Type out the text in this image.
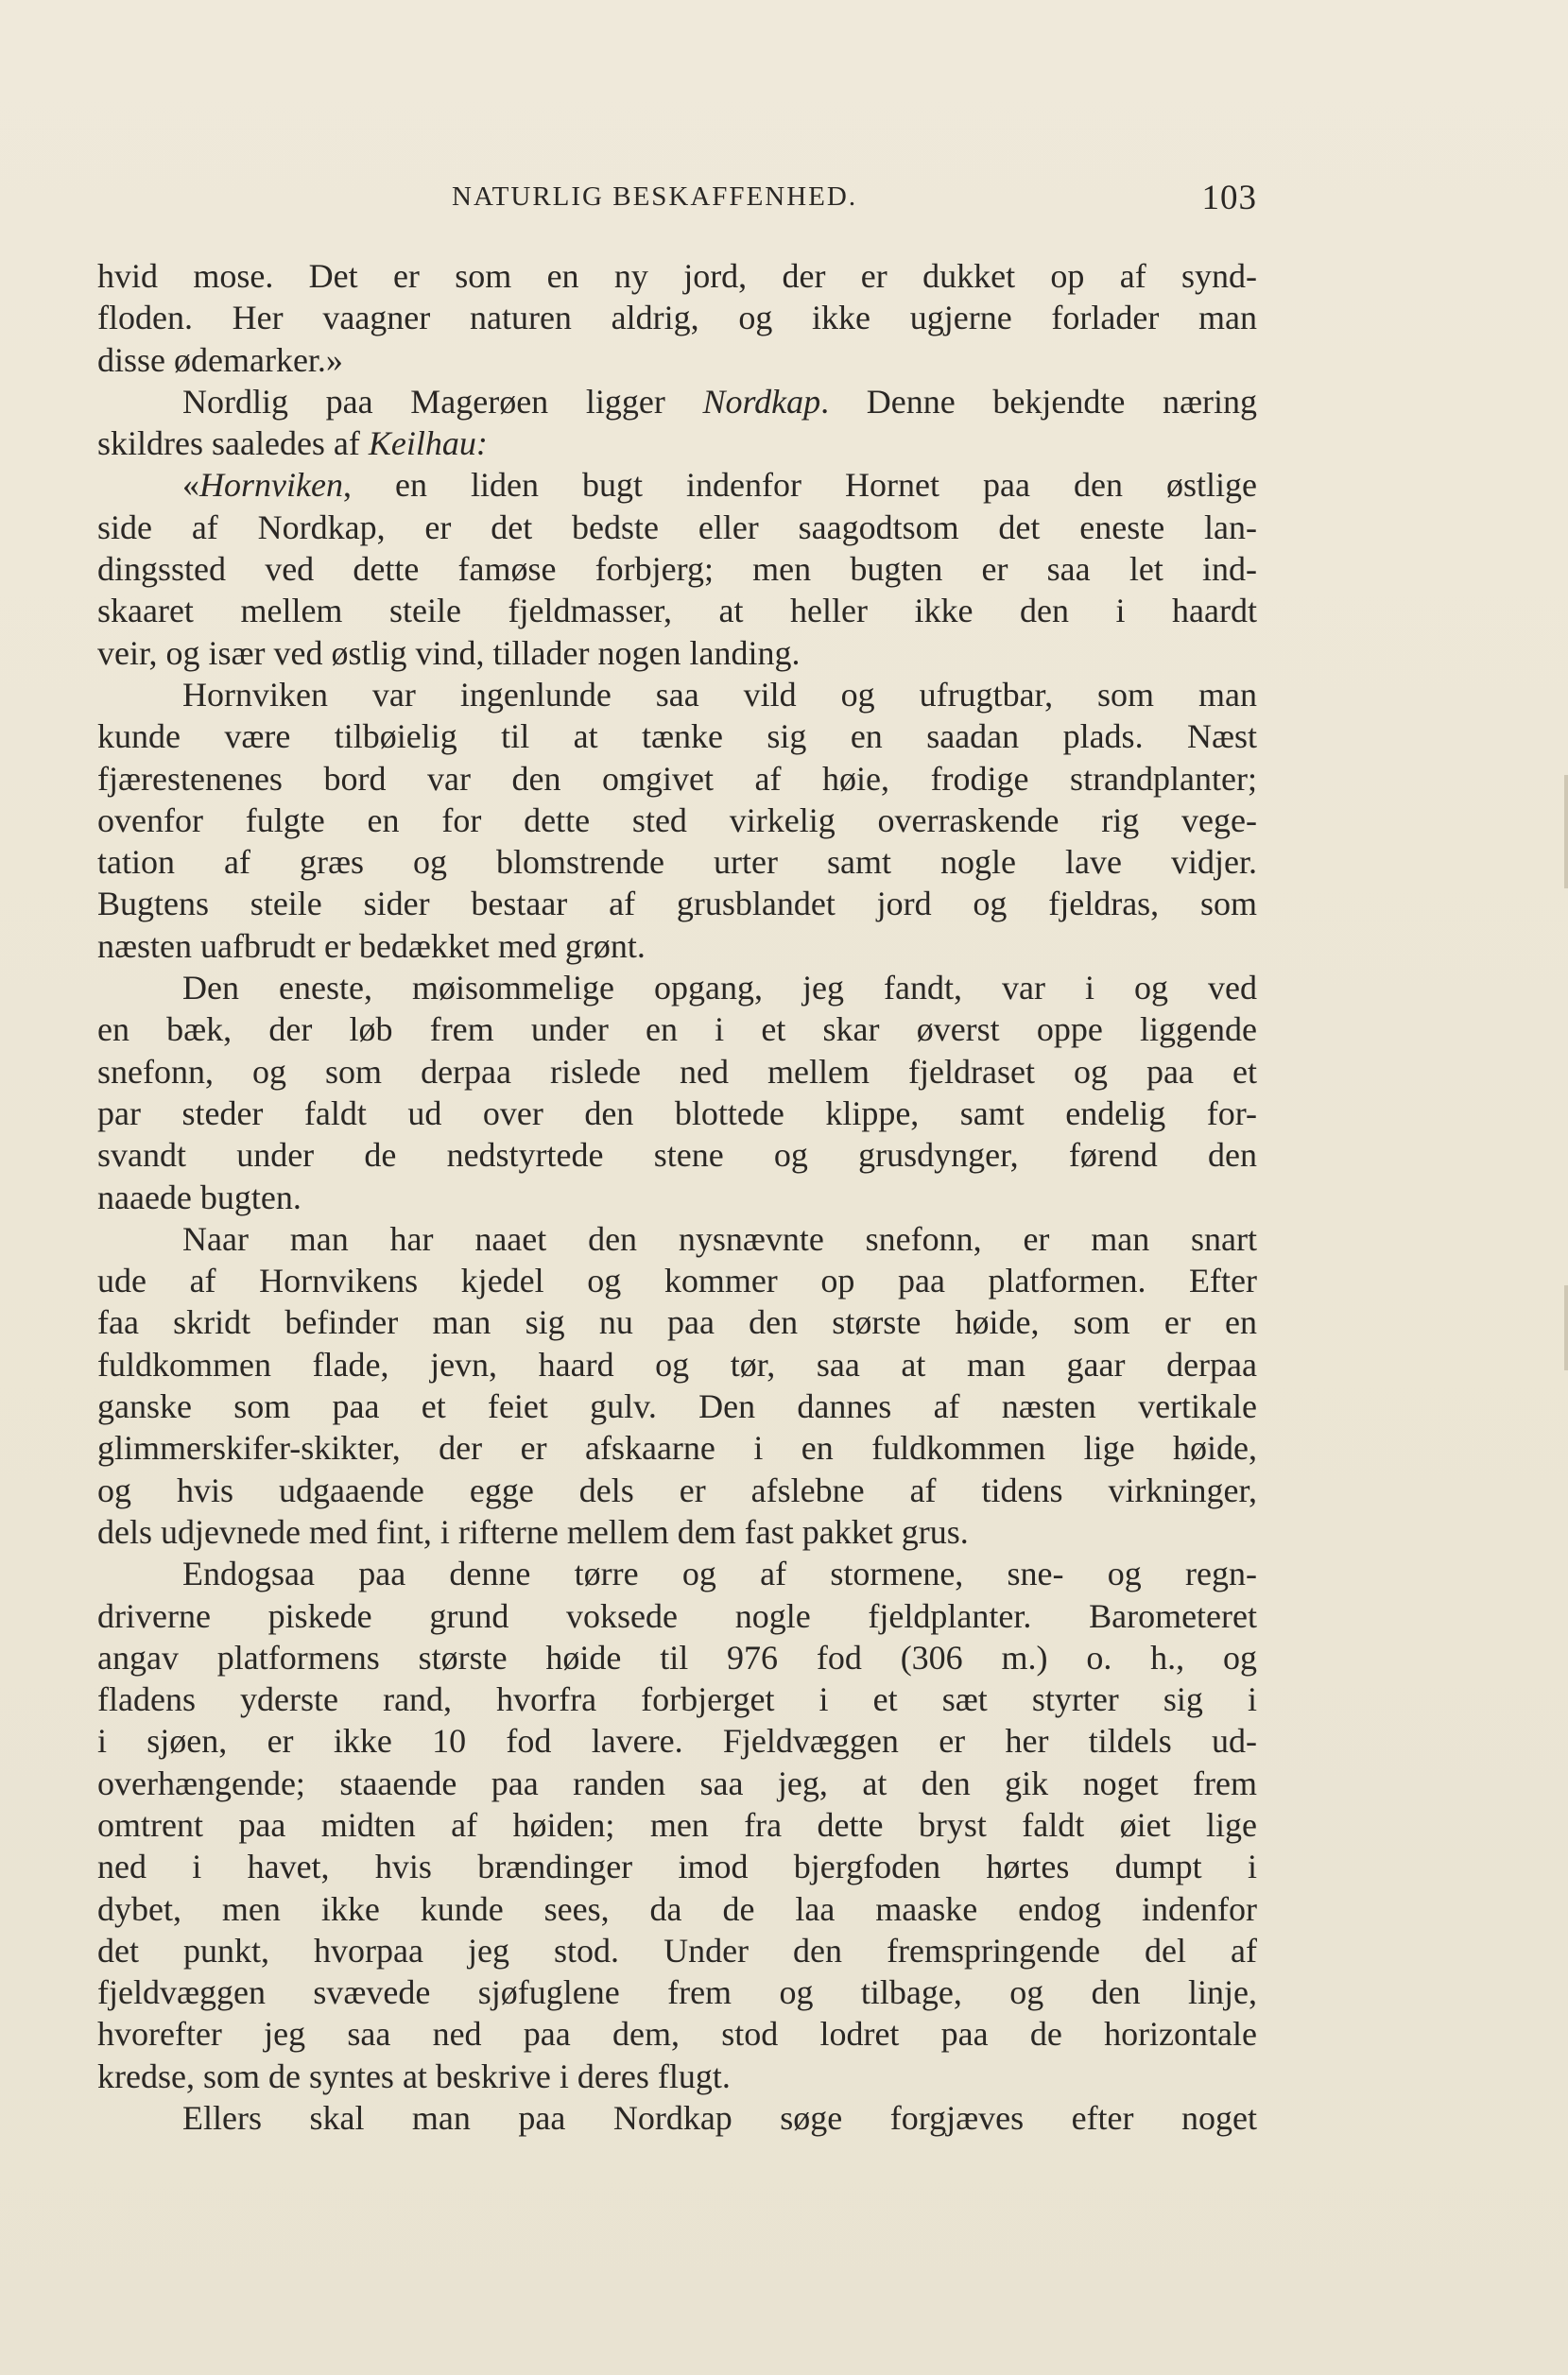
NATURLIG BESKAFFENHED.	103
hvid mose. Det er som en ny jord, der er dukket op af synd-
floden. Her vaagner naturen aldrig, og ikke ugjerne forlader man
disse ødemarker.»
Nordlig paa Magerøen ligger Nordkap. Denne bekjendte næring
skildres saaledes af Keilhau:
«Hornviken, en liden bugt indenfor Hornet paa den østlige
side af Nordkap, er det bedste eller saagodtsom det eneste lan-
dingssted ved dette famøse forbjerg; men bugten er saa let ind-
skaaret mellem steile fjeldmasser, at heller ikke den i haardt
veir, og især ved østlig vind, tillader nogen landing.
Hornviken var ingenlunde saa vild og ufrugtbar, som man
kunde være tilbøielig til at tænke sig en saadan plads. Næst
fjærestenenes bord var den omgivet af høie, frodige strandplanter;
ovenfor fulgte en for dette sted virkelig overraskende rig vege-
tation af græs og blomstrende urter samt nogle lave vidjer.
Bugtens steile sider bestaar af grusblandet jord og fjeldras, som
næsten uafbrudt er bedækket med grønt.
Den eneste, møisommelige opgang, jeg fandt, var i og ved
en bæk, der løb frem under en i et skar øverst oppe liggende
snefonn, og som derpaa rislede ned mellem fjeldraset og paa et
par steder faldt ud over den blottede klippe, samt endelig for-
svandt under de nedstyrtede stene og grusdynger, førend den
naaede bugten.
Naar man har naaet den nysnævnte snefonn, er man snart
ude af Hornvikens kjedel og kommer op paa platformen. Efter
faa skridt befinder man sig nu paa den største høide, som er en
fuldkommen flade, jevn, haard og tør, saa at man gaar derpaa
ganske som paa et feiet gulv. Den dannes af næsten vertikale
glimmerskifer-skikter, der er afskaarne i en fuldkommen lige høide,
og hvis udgaaende egge dels er afslebne af tidens virkninger,
dels udjevnede med fint, i rifterne mellem dem fast pakket grus.
Endogsaa paa denne tørre og af stormene, sne- og regn-
driverne piskede grund voksede nogle fjeldplanter. Barometeret
angav platformens største høide til 976 fod (306 m.) o. h., og
fladens yderste rand, hvorfra forbjerget i et sæt styrter sig i
i sjøen, er ikke 10 fod lavere. Fjeldvæggen er her tildels ud-
overhængende; staaende paa randen saa jeg, at den gik noget frem
omtrent paa midten af høiden; men fra dette bryst faldt øiet lige
ned i havet, hvis brændinger imod bjergfoden hørtes dumpt i
dybet, men ikke kunde sees, da de laa maaske endog indenfor
det punkt, hvorpaa jeg stod. Under den fremspringende del af
fjeldvæggen svævede sjøfuglene frem og tilbage, og den linje,
hvorefter jeg saa ned paa dem, stod lodret paa de horizontale
kredse, som de syntes at beskrive i deres flugt.
Ellers skal man paa Nordkap søge forgjæves efter noget
